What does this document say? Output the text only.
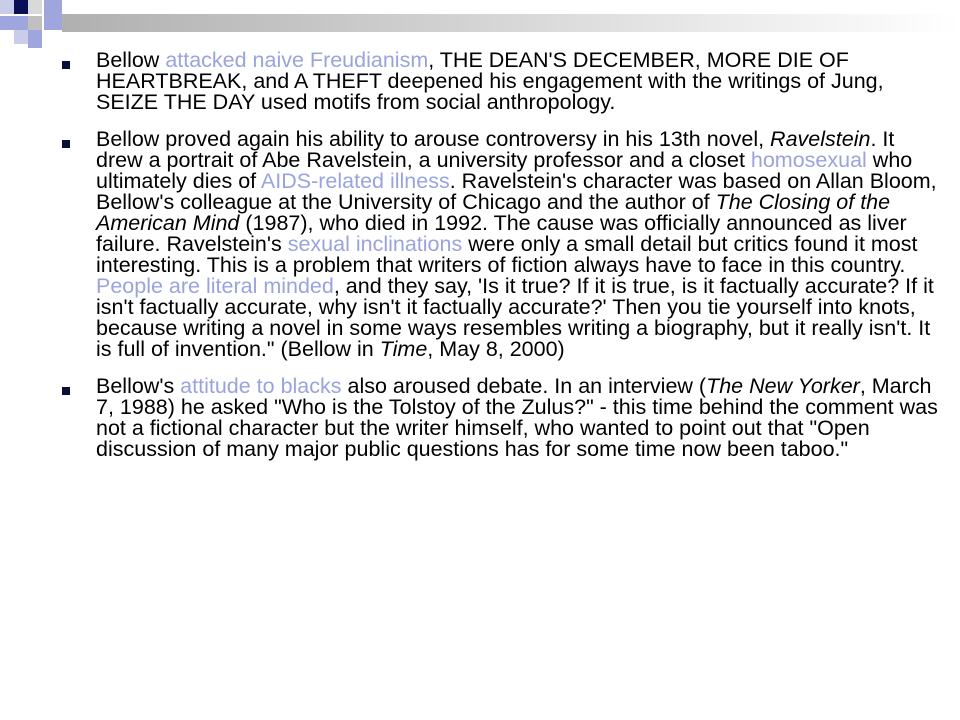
Bellow attacked naive Freudianism, THE DEAN'S DECEMBER, MORE DIE OF HEARTBREAK, and A THEFT deepened his engagement with the writings of Jung, SEIZE THE DAY used motifs from social anthropology.
Bellow proved again his ability to arouse controversy in his 13th novel, Ravelstein. It drew a portrait of Abe Ravelstein, a university professor and a closet homosexual who ultimately dies of AIDS-related illness. Ravelstein's character was based on Allan Bloom, Bellow's colleague at the University of Chicago and the author of The Closing of the American Mind (1987), who died in 1992. The cause was officially announced as liver failure. Ravelstein's sexual inclinations were only a small detail but critics found it most interesting. This is a problem that writers of fiction always have to face in this country. People are literal minded, and they say, 'Is it true? If it is true, is it factually accurate? If it isn't factually accurate, why isn't it factually accurate?' Then you tie yourself into knots, because writing a novel in some ways resembles writing a biography, but it really isn't. It is full of invention." (Bellow in Time, May 8, 2000)
Bellow's attitude to blacks also aroused debate. In an interview (The New Yorker, March 7, 1988) he asked "Who is the Tolstoy of the Zulus?" - this time behind the comment was not a fictional character but the writer himself, who wanted to point out that "Open discussion of many major public questions has for some time now been taboo."
